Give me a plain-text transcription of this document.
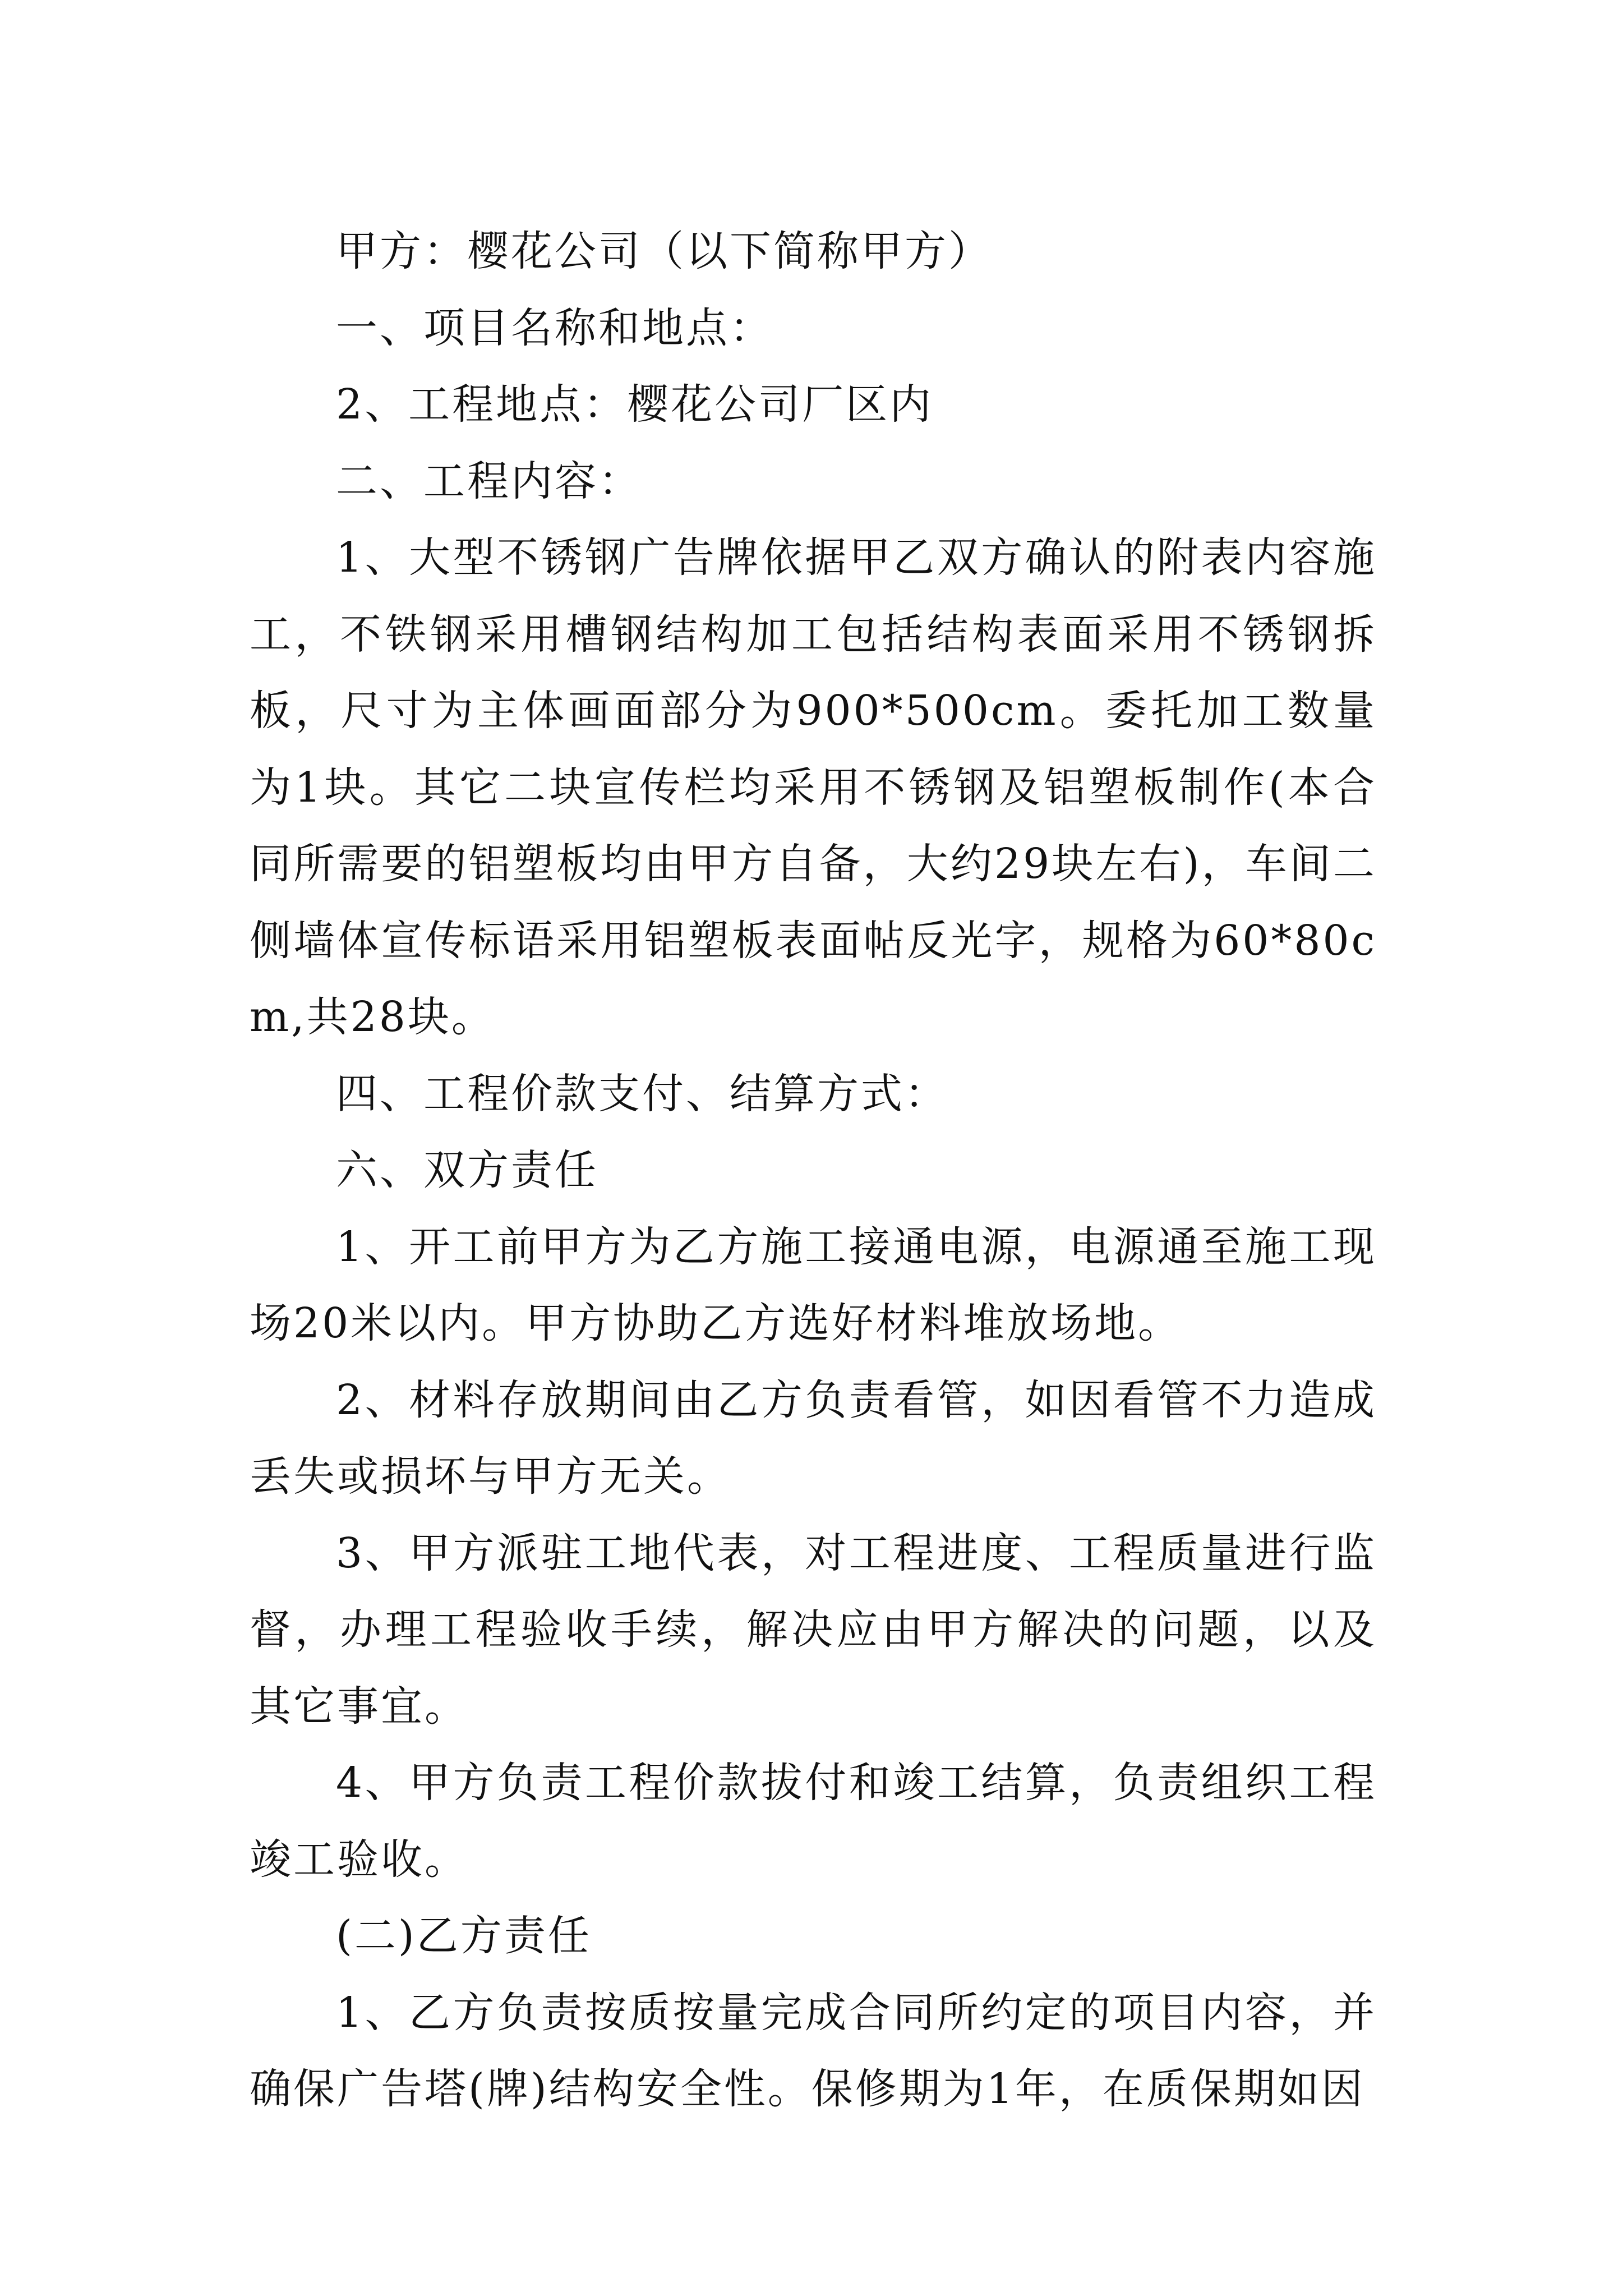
甲方：樱花公司（以下简称甲方）

一、项目名称和地点：

2、工程地点：樱花公司厂区内

二、工程内容：

1、大型不锈钢广告牌依据甲乙双方确认的附表内容施工，不铁钢采用槽钢结构加工包括结构表面采用不锈钢拆板，尺寸为主体画面部分为900*500cm。委托加工数量为1块。其它二块宣传栏均采用不锈钢及铝塑板制作(本合同所需要的铝塑板均由甲方自备，大约29块左右)，车间二侧墙体宣传标语采用铝塑板表面帖反光字，规格为60*80cm,共28块。

四、工程价款支付、结算方式：

六、双方责任

1、开工前甲方为乙方施工接通电源，电源通至施工现场20米以内。甲方协助乙方选好材料堆放场地。

2、材料存放期间由乙方负责看管，如因看管不力造成丢失或损坏与甲方无关。

3、甲方派驻工地代表，对工程进度、工程质量进行监督，办理工程验收手续，解决应由甲方解决的问题，以及其它事宜。

4、甲方负责工程价款拔付和竣工结算，负责组织工程竣工验收。

(二)乙方责任

1、乙方负责按质按量完成合同所约定的项目内容，并确保广告塔(牌)结构安全性。保修期为1年，在质保期如因
